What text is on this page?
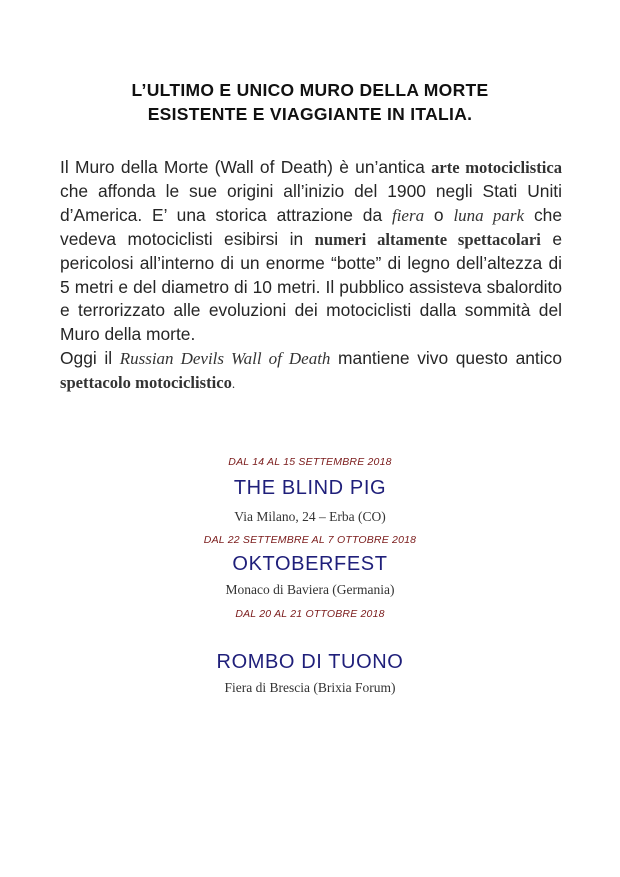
L’ULTIMO E UNICO MURO DELLA MORTE
ESISTENTE E VIAGGIANTE IN ITALIA.

Il Muro della Morte (Wall of Death) è un’antica arte motociclistica che affonda le sue origini all’inizio del 1900 negli Stati Uniti d’America. E’ una storica attrazione da fiera o luna park che vedeva motociclisti esibirsi in numeri altamente spettacolari e pericolosi all’interno di un enorme “botte” di legno dell’altezza di 5 metri e del diametro di 10 metri. Il pubblico assisteva sbalordito e terrorizzato alle evoluzioni dei motociclisti dalla sommità del Muro della morte.

Oggi il Russian Devils Wall of Death mantiene vivo questo antico spettacolo motociclistico.

DAL 14 AL 15 SETTEMBRE 2018
THE BLIND PIG
Via Milano, 24 – Erba (CO)
DAL 22 SETTEMBRE AL 7 OTTOBRE 2018
OKTOBERFEST
Monaco di Baviera (Germania)
DAL 20 AL 21 OTTOBRE 2018
ROMBO DI TUONO
Fiera di Brescia (Brixia Forum)
